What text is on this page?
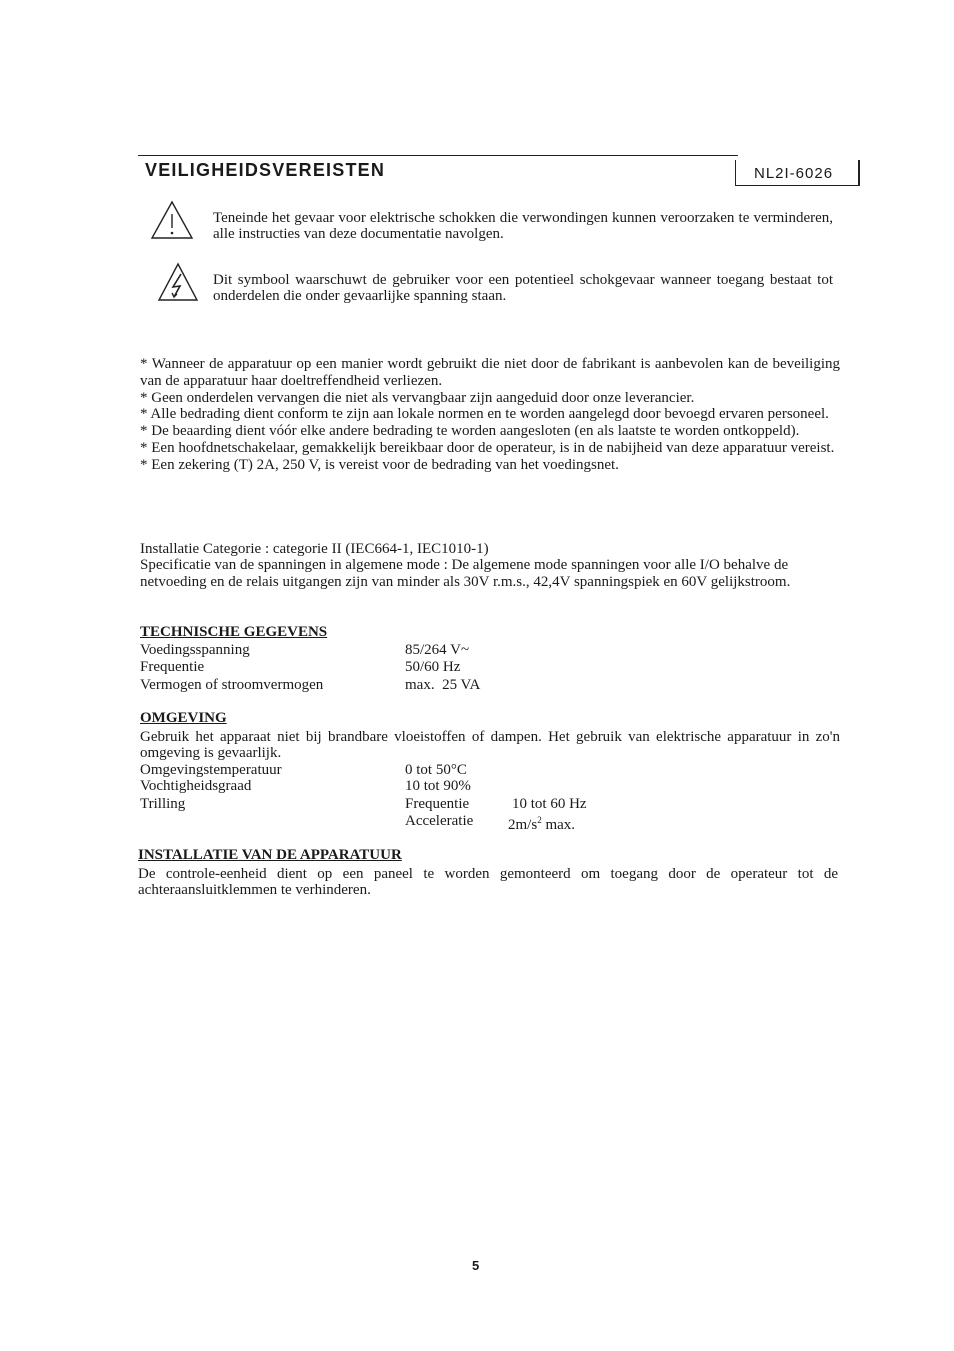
VEILIGHEIDSVEREISTEN	NL2I-6026
Teneinde het gevaar voor elektrische schokken die verwondingen kunnen veroorzaken te verminderen, alle instructies van deze documentatie navolgen.
Dit symbool waarschuwt de gebruiker voor een potentieel schokgevaar wanneer toegang bestaat tot onderdelen die onder gevaarlijke spanning staan.

* Wanneer de apparatuur op een manier wordt gebruikt die niet door de fabrikant is aanbevolen kan de beveiliging van de apparatuur haar doeltreffendheid verliezen.

* Geen onderdelen vervangen die niet als vervangbaar zijn aangeduid door onze leverancier.

* Alle bedrading dient conform te zijn aan lokale normen en te worden aangelegd door bevoegd ervaren personeel.

* De beaarding dient vóór elke andere bedrading te worden aangesloten (en als laatste te worden ontkoppeld).

* Een hoofdnetschakelaar, gemakkelijk bereikbaar door de operateur, is in de nabijheid van deze apparatuur vereist.

* Een zekering (T) 2A, 250 V, is vereist voor de bedrading van het voedingsnet.

Installatie Categorie : categorie II (IEC664-1, IEC1010-1)
Specificatie van de spanningen in algemene mode : De algemene mode spanningen voor alle I/O behalve de netvoeding en de relais uitgangen zijn van minder als 30V r.m.s., 42,4V spanningspiek en 60V gelijkstroom.
TECHNISCHE GEGEVENS
Voedingsspanning	85/264 V~
Frequentie	50/60 Hz
Vermogen of stroomvermogen	max.  25 VA
OMGEVING
Gebruik het apparaat niet bij brandbare vloeistoffen of dampen. Het gebruik van elektrische apparatuur in zo'n omgeving is gevaarlijk.
Omgevingstemperatuur	0 tot 50°C
Vochtigheidsgraad	10 tot 90%
Trilling	Frequentie	10 tot 60 Hz
Acceleratie $2m/s^2$ max.
INSTALLATIE VAN DE APPARATUUR
De controle-eenheid dient op een paneel te worden gemonteerd om toegang door de operateur tot de achteraansluitklemmen te verhinderen.
5
